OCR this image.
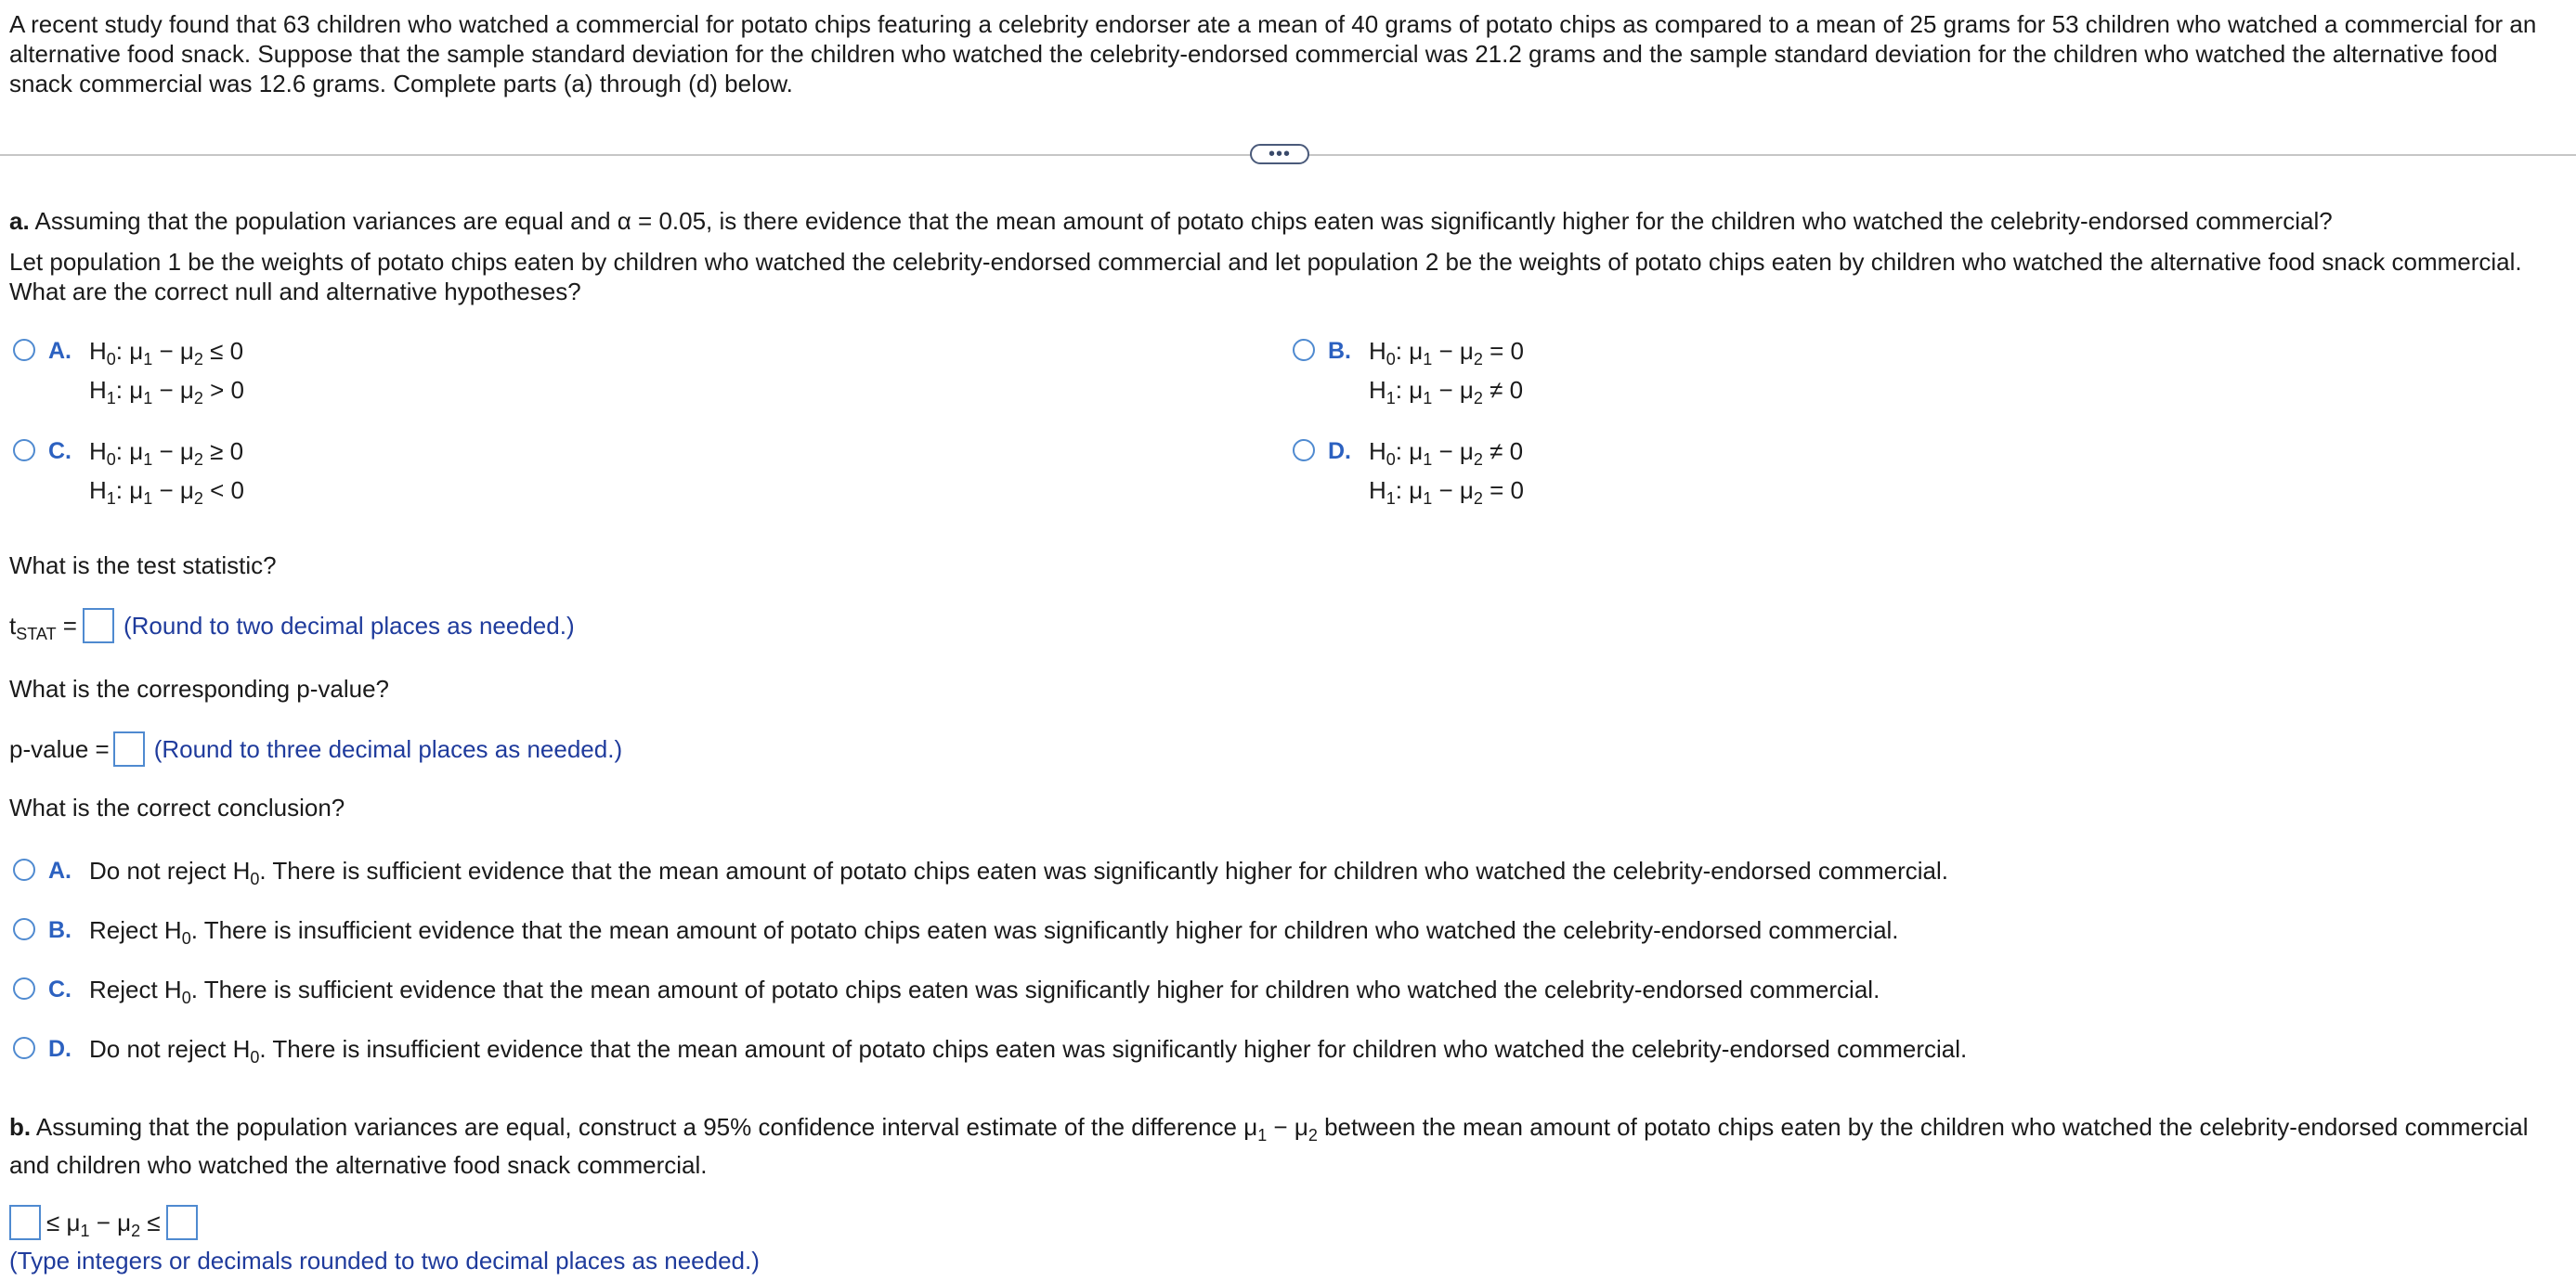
A recent study found that 63 children who watched a commercial for potato chips featuring a celebrity endorser ate a mean of 40 grams of potato chips as compared to a mean of 25 grams for 53 children who watched a commercial for an alternative food snack. Suppose that the sample standard deviation for the children who watched the celebrity-endorsed commercial was 21.2 grams and the sample standard deviation for the children who watched the alternative food snack commercial was 12.6 grams. Complete parts (a) through (d) below.

•••

a. Assuming that the population variances are equal and α = 0.05, is there evidence that the mean amount of potato chips eaten was significantly higher for the children who watched the celebrity-endorsed commercial?

Let population 1 be the weights of potato chips eaten by children who watched the celebrity-endorsed commercial and let population 2 be the weights of potato chips eaten by children who watched the alternative food snack commercial. What are the correct null and alternative hypotheses?

A. $H_0$: $\mu_1 - \mu_2 \le 0$
$H_1$: $\mu_1 - \mu_2 > 0$
B. $H_0$: $\mu_1 - \mu_2 = 0$
$H_1$: $\mu_1 - \mu_2 \ne 0$
C. $H_0$: $\mu_1 - \mu_2 \ge 0$
$H_1$: $\mu_1 - \mu_2 < 0$
D. $H_0$: $\mu_1 - \mu_2 \ne 0$
$H_1$: $\mu_1 - \mu_2 = 0$

What is the test statistic?

$t_{STAT}$ = (Round to two decimal places as needed.)

What is the corresponding p-value?

p-value = (Round to three decimal places as needed.)

What is the correct conclusion?

A. Do not reject $H_0$. There is sufficient evidence that the mean amount of potato chips eaten was significantly higher for children who watched the celebrity-endorsed commercial.
B. Reject $H_0$. There is insufficient evidence that the mean amount of potato chips eaten was significantly higher for children who watched the celebrity-endorsed commercial.
C. Reject $H_0$. There is sufficient evidence that the mean amount of potato chips eaten was significantly higher for children who watched the celebrity-endorsed commercial.
D. Do not reject $H_0$. There is insufficient evidence that the mean amount of potato chips eaten was significantly higher for children who watched the celebrity-endorsed commercial.

b. Assuming that the population variances are equal, construct a 95% confidence interval estimate of the difference $\mu_1 - \mu_2$ between the mean amount of potato chips eaten by the children who watched the celebrity-endorsed commercial and children who watched the alternative food snack commercial.

≤ $\mu_1 - \mu_2$ ≤

(Type integers or decimals rounded to two decimal places as needed.)
